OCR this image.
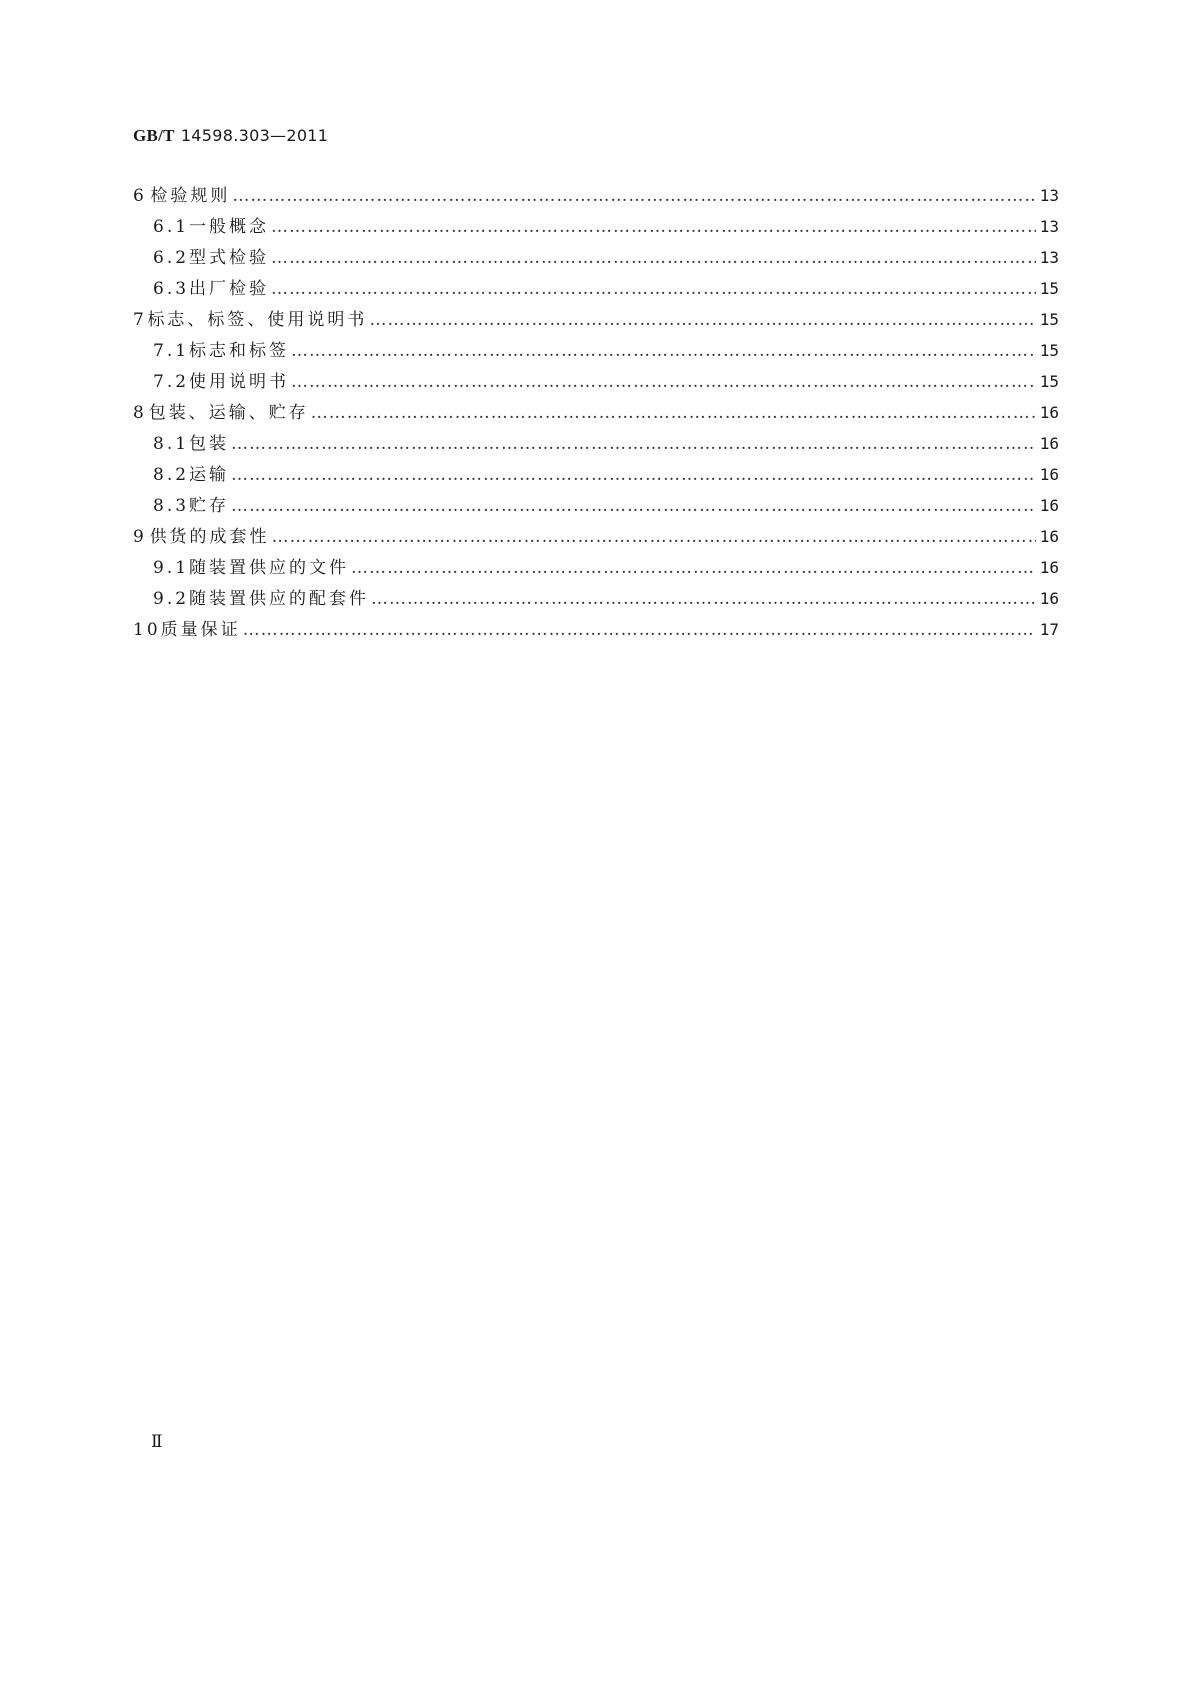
GB/T 14598.303—2011
6 检验规则 …………………………………………………………………………………………………………………………………………………………………………………………………………………………	13
6.1 一般概念 …………………………………………………………………………………………………………………………………………………………………………………………………………………………	13
6.2 型式检验 …………………………………………………………………………………………………………………………………………………………………………………………………………………………	13
6.3 出厂检验 …………………………………………………………………………………………………………………………………………………………………………………………………………………………	15
7 标志、标签、使用说明书 …………………………………………………………………………………………………………………………………………………………………………………………………………………………	15
7.1 标志和标签 …………………………………………………………………………………………………………………………………………………………………………………………………………………………	15
7.2 使用说明书 …………………………………………………………………………………………………………………………………………………………………………………………………………………………	15
8 包装、运输、贮存 …………………………………………………………………………………………………………………………………………………………………………………………………………………………	16
8.1 包装 …………………………………………………………………………………………………………………………………………………………………………………………………………………………	16
8.2 运输 …………………………………………………………………………………………………………………………………………………………………………………………………………………………	16
8.3 贮存 …………………………………………………………………………………………………………………………………………………………………………………………………………………………	16
9 供货的成套性 …………………………………………………………………………………………………………………………………………………………………………………………………………………………	16
9.1 随装置供应的文件 …………………………………………………………………………………………………………………………………………………………………………………………………………………………	16
9.2 随装置供应的配套件 …………………………………………………………………………………………………………………………………………………………………………………………………………………………	16
10 质量保证 …………………………………………………………………………………………………………………………………………………………………………………………………………………………	17
Ⅱ
